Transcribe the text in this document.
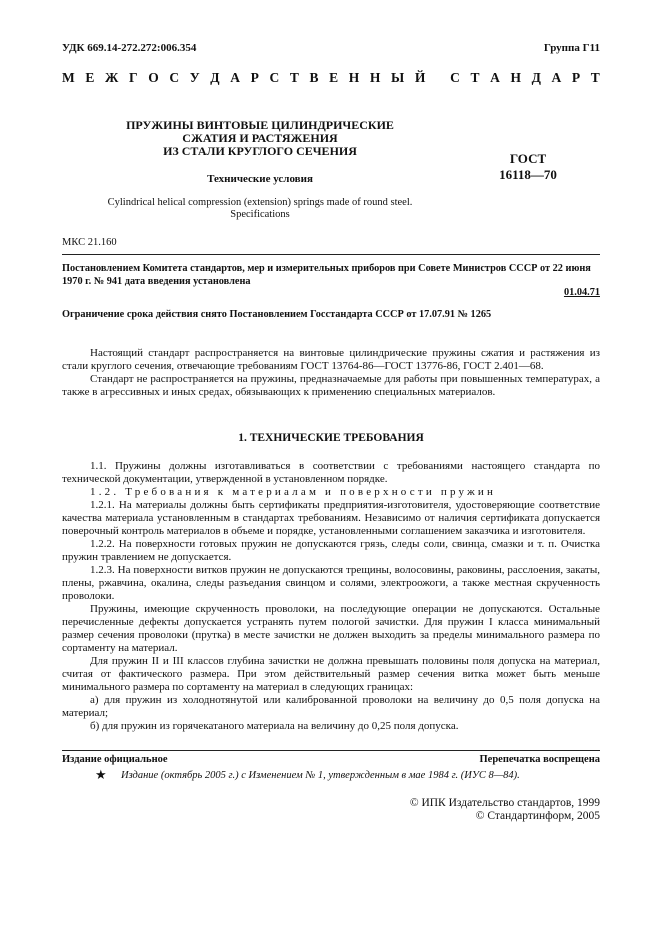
УДК 669.14-272.272:006.354	Группа Г11
М Е Ж Г О С У Д А Р С Т В Е Н Н Ы Й
С Т А Н Д А Р Т
ПРУЖИНЫ ВИНТОВЫЕ ЦИЛИНДРИЧЕСКИЕ
СЖАТИЯ И РАСТЯЖЕНИЯ
ИЗ СТАЛИ КРУГЛОГО СЕЧЕНИЯ	ГОСТ
16118—70
Технические условия
Cylindrical helical compression (extension) springs made of round steel.
Specifications
МКС 21.160
Постановлением Комитета стандартов, мер и измерительных приборов при Совете Министров СССР от 22 июня
1970 г. № 941 дата введения установлена
01.04.71
Ограничение срока действия снято Постановлением Госстандарта СССР от 17.07.91 № 1265

Настоящий стандарт распространяется на винтовые цилиндрические пружины сжатия и растяжения из стали круглого сечения, отвечающие требованиям ГОСТ 13764-86—ГОСТ 13776-86, ГОСТ 2.401—68.

Стандарт не распространяется на пружины, предназначаемые для работы при повышенных температурах, а также в агрессивных и иных средах, обязывающих к применению специальных материалов.

1. ТЕХНИЧЕСКИЕ ТРЕБОВАНИЯ

1.1. Пружины должны изготавливаться в соответствии с требованиями настоящего стандарта по технической документации, утвержденной в установленном порядке.

1.2. Требования к материалам и поверхности пружин

1.2.1. На материалы должны быть сертификаты предприятия-изготовителя, удостоверяющие соответствие качества материала установленным в стандартах требованиям. Независимо от наличия сертификата допускается поверочный контроль материалов в объеме и порядке, установленными соглашением заказчика и изготовителя.

1.2.2. На поверхности готовых пружин не допускаются грязь, следы соли, свинца, смазки и т. п. Очистка пружин травлением не допускается.

1.2.3. На поверхности витков пружин не допускаются трещины, волосовины, раковины, расслоения, закаты, плены, ржавчина, окалина, следы разъедания свинцом и солями, электроожоги, а также местная скрученность проволоки.

Пружины, имеющие скрученность проволоки, на последующие операции не допускаются. Остальные перечисленные дефекты допускается устранять путем пологой зачистки. Для пружин I класса минимальный размер сечения проволоки (прутка) в месте зачистки не должен выходить за пределы минимального размера по сортаменту на материал.

Для пружин II и III классов глубина зачистки не должна превышать половины поля допуска на материал, считая от фактического размера. При этом действительный размер сечения витка может быть меньше минимального размера по сортаменту на материал в следующих границах:

а) для пружин из холоднотянутой или калиброванной проволоки на величину до 0,5 поля допуска на материал;

б) для пружин из горячекатаного материала на величину до 0,25 поля допуска.

Издание официальное	Перепечатка воспрещена
★ Издание (октябрь 2005 г.) с Изменением № 1, утвержденным в мае 1984 г. (ИУС 8—84).
© ИПК Издательство стандартов, 1999
© Стандартинформ, 2005
